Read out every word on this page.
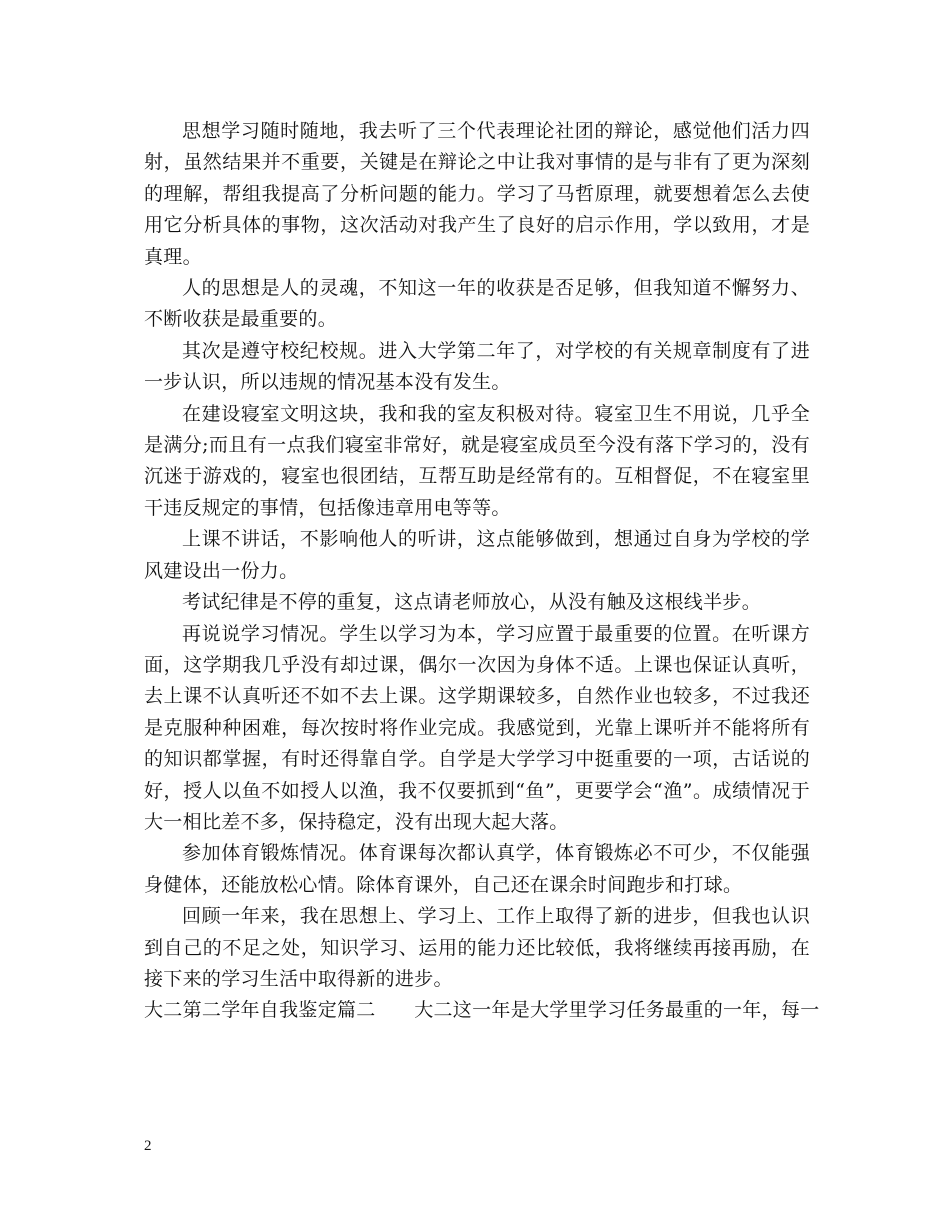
思想学习随时随地，我去听了三个代表理论社团的辩论，感觉他们活力四射，虽然结果并不重要，关键是在辩论之中让我对事情的是与非有了更为深刻的理解，帮组我提高了分析问题的能力。学习了马哲原理，就要想着怎么去使用它分析具体的事物，这次活动对我产生了良好的启示作用，学以致用，才是真理。

人的思想是人的灵魂，不知这一年的收获是否足够，但我知道不懈努力、不断收获是最重要的。

其次是遵守校纪校规。进入大学第二年了，对学校的有关规章制度有了进一步认识，所以违规的情况基本没有发生。

在建设寝室文明这块，我和我的室友积极对待。寝室卫生不用说，几乎全是满分;而且有一点我们寝室非常好，就是寝室成员至今没有落下学习的，没有沉迷于游戏的，寝室也很团结，互帮互助是经常有的。互相督促，不在寝室里干违反规定的事情，包括像违章用电等等。

上课不讲话，不影响他人的听讲，这点能够做到，想通过自身为学校的学风建设出一份力。

考试纪律是不停的重复，这点请老师放心，从没有触及这根线半步。

再说说学习情况。学生以学习为本，学习应置于最重要的位置。在听课方面，这学期我几乎没有却过课，偶尔一次因为身体不适。上课也保证认真听，去上课不认真听还不如不去上课。这学期课较多，自然作业也较多，不过我还是克服种种困难，每次按时将作业完成。我感觉到，光靠上课听并不能将所有的知识都掌握，有时还得靠自学。自学是大学学习中挺重要的一项，古话说的好，授人以鱼不如授人以渔，我不仅要抓到“鱼”，更要学会“渔”。成绩情况于大一相比差不多，保持稳定，没有出现大起大落。

参加体育锻炼情况。体育课每次都认真学，体育锻炼必不可少，不仅能强身健体，还能放松心情。除体育课外，自己还在课余时间跑步和打球。

回顾一年来，我在思想上、学习上、工作上取得了新的进步，但我也认识到自己的不足之处，知识学习、运用的能力还比较低，我将继续再接再励，在接下来的学习生活中取得新的进步。

大二第二学年自我鉴定篇二　　大二这一年是大学里学习任务最重的一年，每一

2
